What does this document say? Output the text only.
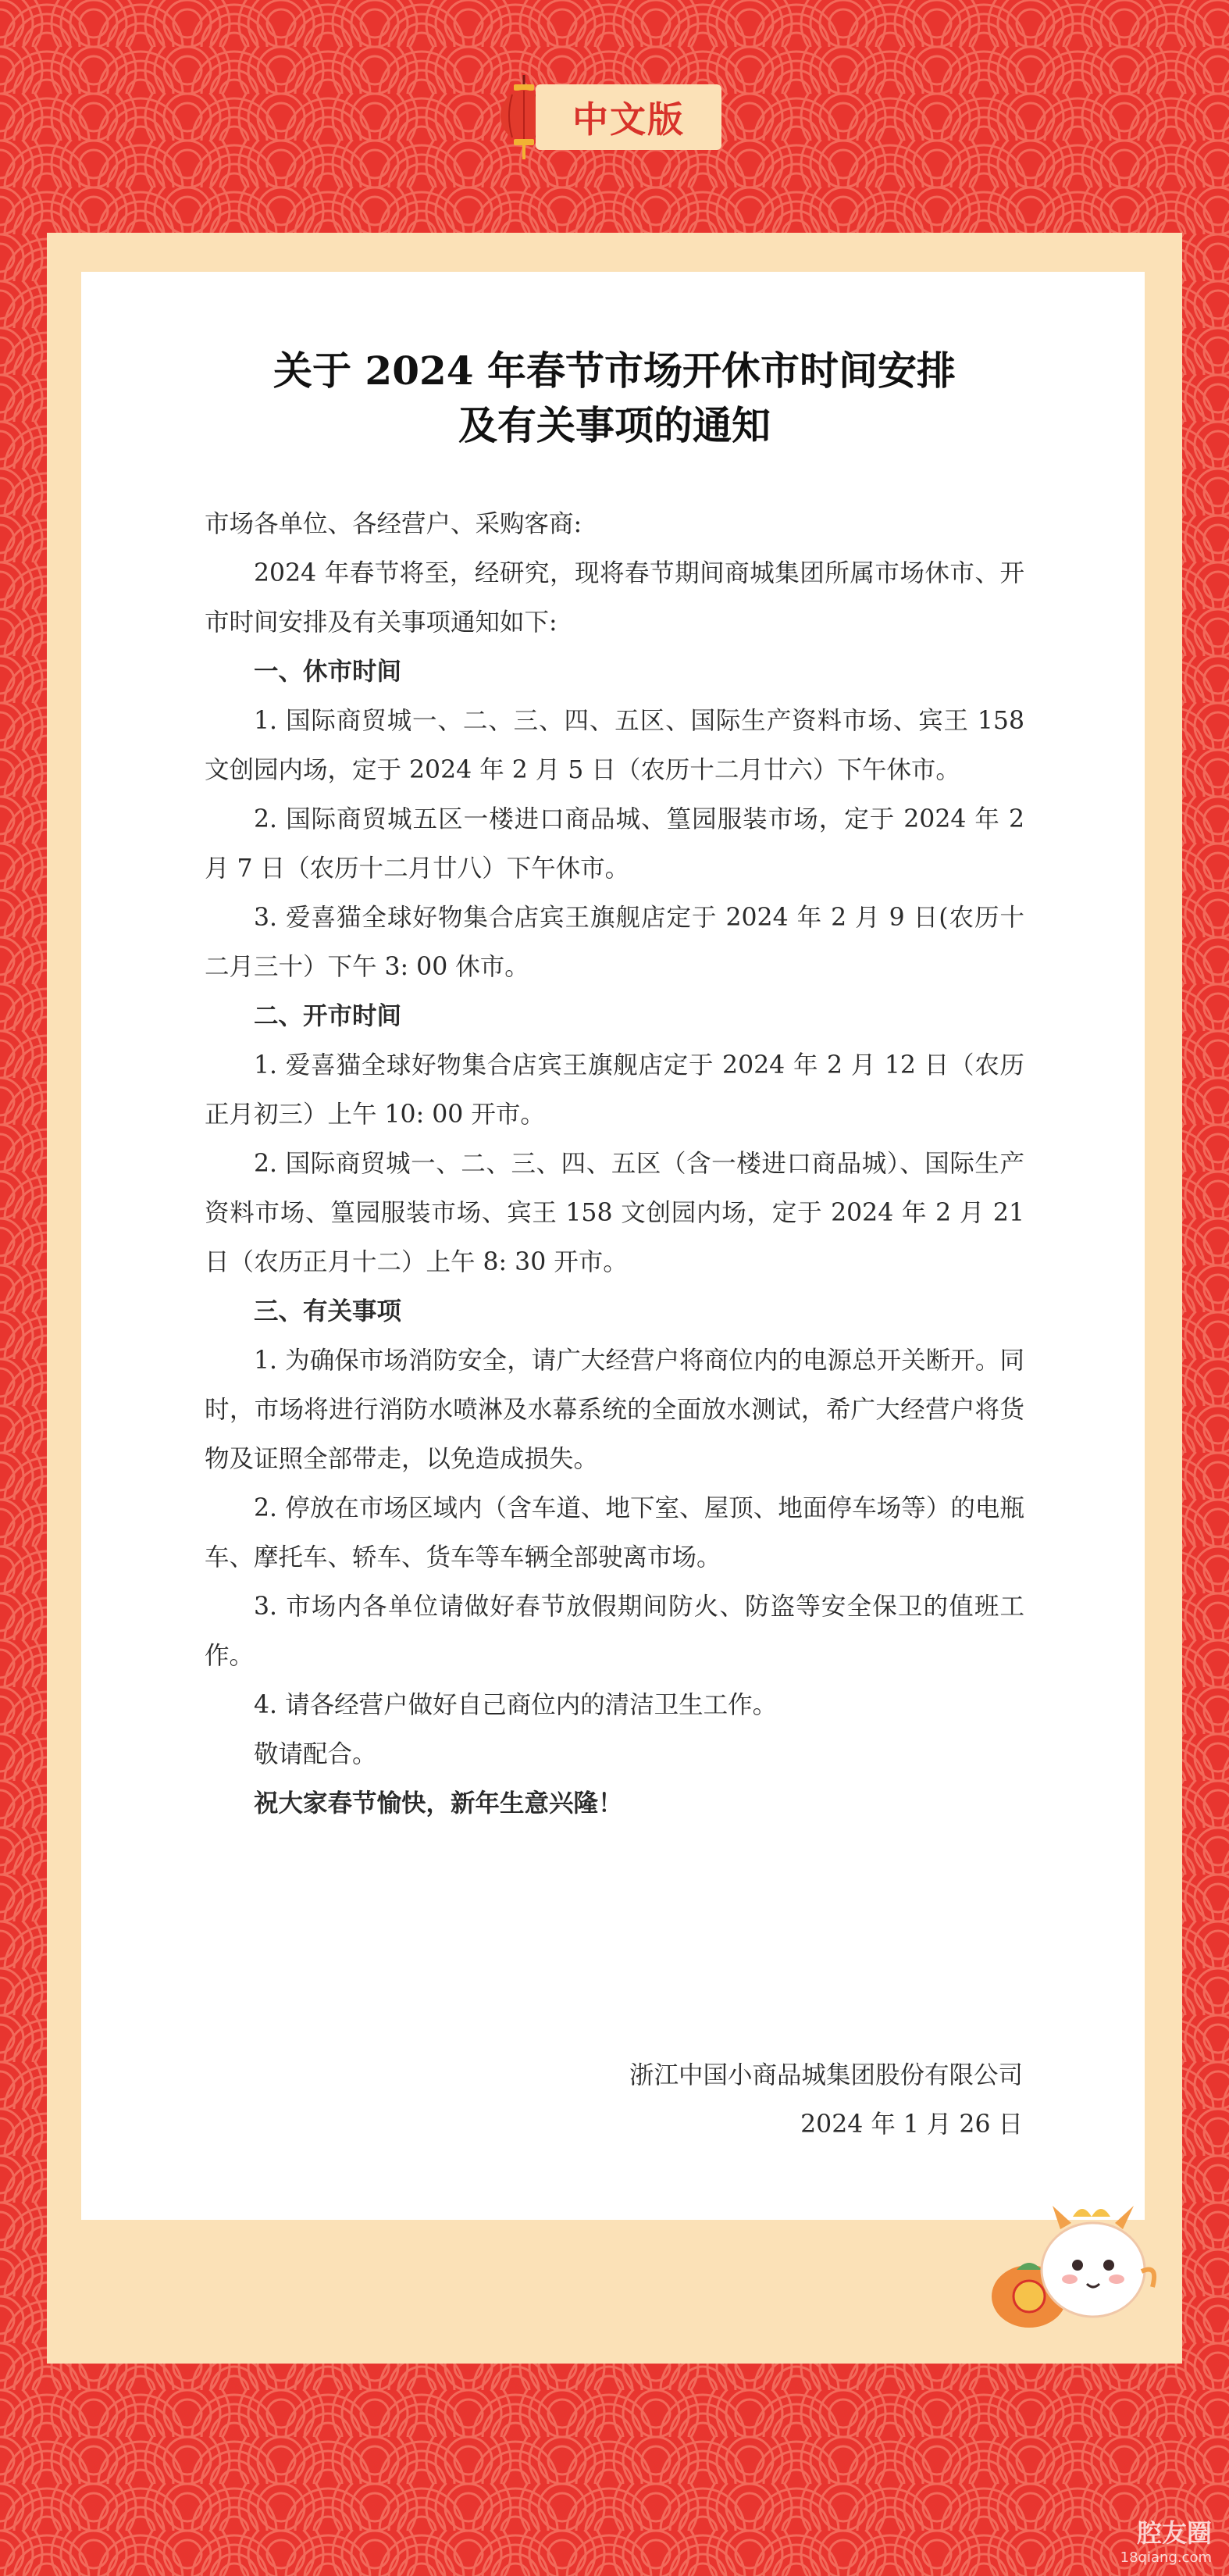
中文版
关于 2024 年春节市场开休市时间安排
及有关事项的通知

市场各单位、各经营户、采购客商:

2024 年春节将至，经研究，现将春节期间商城集团所属市场休市、开市时间安排及有关事项通知如下:

一、休市时间

1. 国际商贸城一、二、三、四、五区、国际生产资料市场、宾王 158 文创园内场，定于 2024 年 2 月 5 日（农历十二月廿六）下午休市。

2. 国际商贸城五区一楼进口商品城、篁园服装市场，定于 2024 年 2 月 7 日（农历十二月廿八）下午休市。

3. 爱喜猫全球好物集合店宾王旗舰店定于 2024 年 2 月 9 日(农历十二月三十）下午 3: 00 休市。

二、开市时间

1. 爱喜猫全球好物集合店宾王旗舰店定于 2024 年 2 月 12 日（农历正月初三）上午 10: 00 开市。

2. 国际商贸城一、二、三、四、五区（含一楼进口商品城）、国际生产资料市场、篁园服装市场、宾王 158 文创园内场，定于 2024 年 2 月 21 日（农历正月十二）上午 8: 30 开市。

三、有关事项

1. 为确保市场消防安全，请广大经营户将商位内的电源总开关断开。同时，市场将进行消防水喷淋及水幕系统的全面放水测试，希广大经营户将货物及证照全部带走，以免造成损失。

2. 停放在市场区域内（含车道、地下室、屋顶、地面停车场等）的电瓶车、摩托车、轿车、货车等车辆全部驶离市场。

3. 市场内各单位请做好春节放假期间防火、防盗等安全保卫的值班工作。

4. 请各经营户做好自己商位内的清洁卫生工作。

敬请配合。

祝大家春节愉快，新年生意兴隆！

浙江中国小商品城集团股份有限公司
2024 年 1 月 26 日
腔友圈
18qiang.com
